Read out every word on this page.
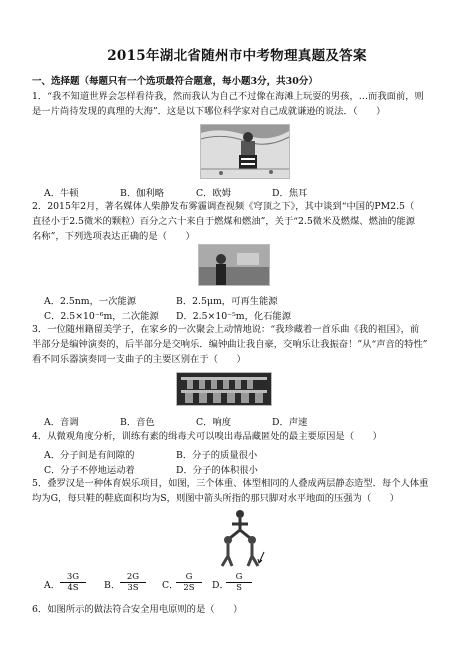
2015年湖北省随州市中考物理真题及答案
一、选择题（每题只有一个选项最符合题意，每小题3分，共30分）
1．“我不知道世界会怎样看待我，然而我认为自己不过像在海滩上玩耍的男孩，…而我面前，则
是一片尚待发现的真理的大海”．这是以下哪位科学家对自己成就谦逊的说法．（　　）
A．牛顿	B．伽利略	C．欧姆	D．焦耳
2．2015年2月，著名媒体人柴静发布雾霾调查视频《穹顶之下》，其中谈到“中国的PM2.5（
直径小于2.5微米的颗粒）百分之六十来自于燃煤和燃油”，关于“2.5微米及燃煤、燃油的能源
名称”，下列选项表达正确的是（　　）
A．2.5nm，一次能源	B．2.5μm，可再生能源
C．2.5×10⁻⁶m，二次能源 D．2.5×10⁻⁵m，化石能源
3．一位随州籍留美学子，在家乡的一次聚会上动情地说：“我珍藏着一首乐曲《我的祖国》，前
半部分是编钟演奏的，后半部分是交响乐．编钟曲让我自豪，交响乐让我振奋！”从“声音的特性”
看不同乐器演奏同一支曲子的主要区别在于（　　）
A．音调	B．音色	C．响度	D．声速
4．从微观角度分析，训练有素的缉毒犬可以嗅出毒品藏匿处的最主要原因是（　　）
A．分子间是有间隙的	B．分子的质量很小
C．分子不停地运动着	D．分子的体积很小
5．叠罗汉是一种体育娱乐项目，如图，三个体重、体型相同的人叠成两层静态造型．每个人体重
均为G，每只鞋的鞋底面积均为S，则图中箭头所指的那只脚对水平地面的压强为（　　）
A． $\frac{3G}{4S}$ B． $\frac{2G}{3S}$ C．
$\frac{G}{2S}$ D．
$\frac{G}{S}$
6．如图所示的做法符合安全用电原则的是（　　）
